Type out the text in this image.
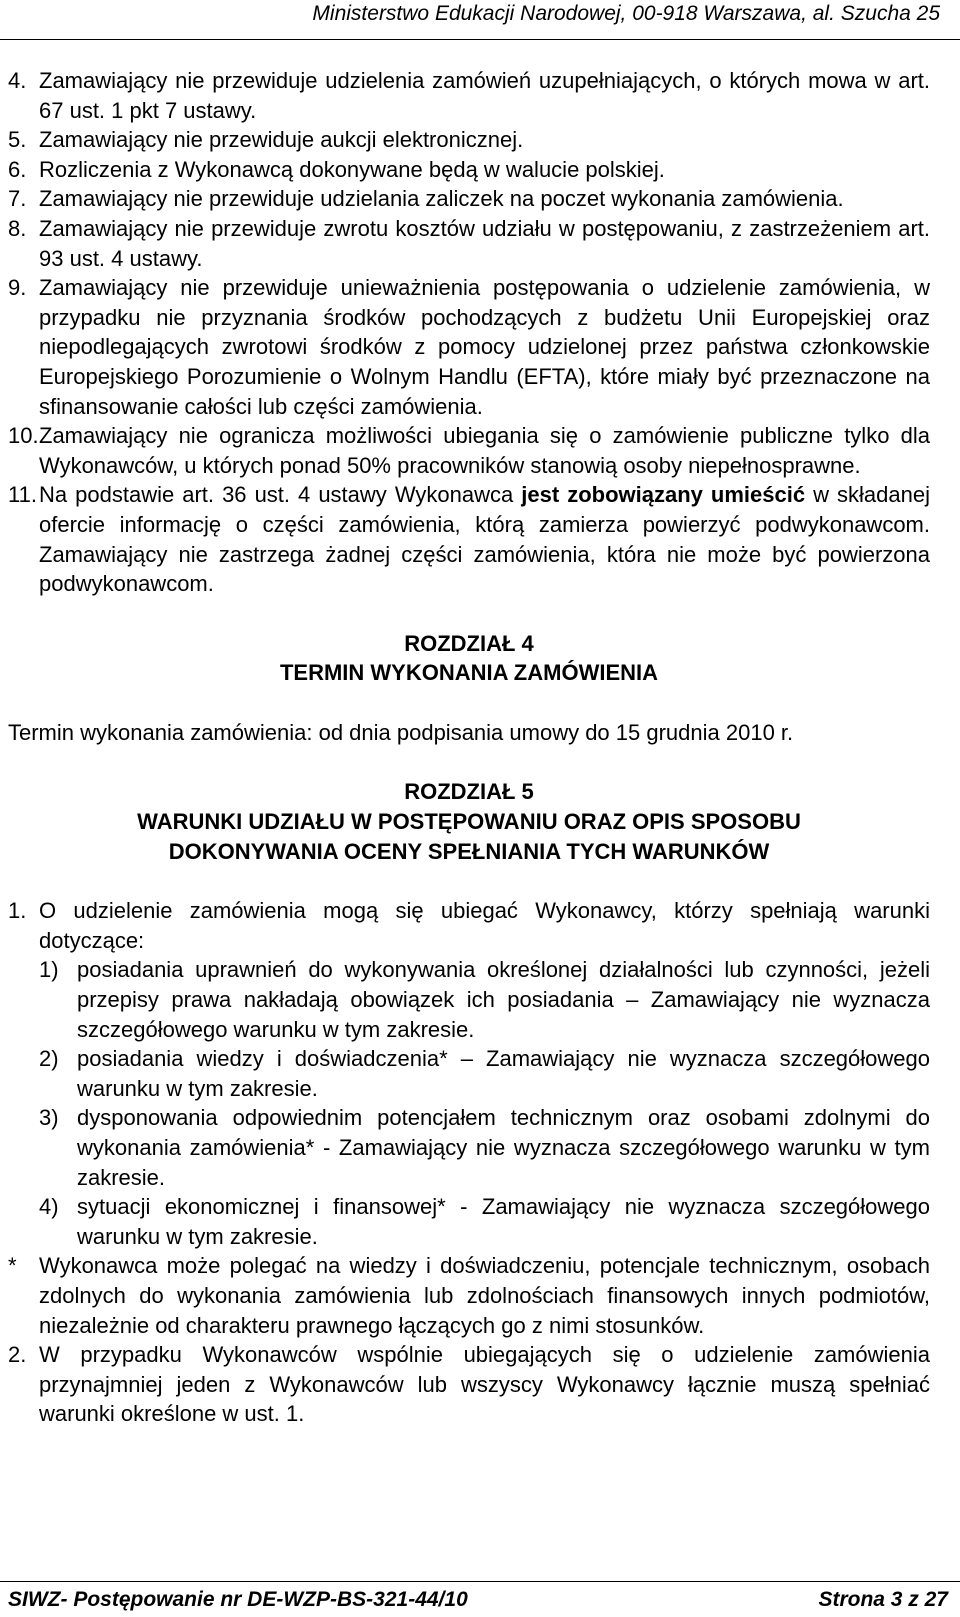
Ministerstwo Edukacji Narodowej, 00-918 Warszawa, al. Szucha 25
4. Zamawiający nie przewiduje udzielenia zamówień uzupełniających, o których mowa w art. 67 ust. 1 pkt 7 ustawy.
5. Zamawiający nie przewiduje aukcji elektronicznej.
6. Rozliczenia z Wykonawcą dokonywane będą w walucie polskiej.
7. Zamawiający nie przewiduje udzielania zaliczek na poczet wykonania zamówienia.
8. Zamawiający nie przewiduje zwrotu kosztów udziału w postępowaniu, z zastrzeżeniem art. 93 ust. 4 ustawy.
9. Zamawiający nie przewiduje unieważnienia postępowania o udzielenie zamówienia, w przypadku nie przyznania środków pochodzących z budżetu Unii Europejskiej oraz niepodlegających zwrotowi środków z pomocy udzielonej przez państwa członkowskie Europejskiego Porozumienie o Wolnym Handlu (EFTA), które miały być przeznaczone na sfinansowanie całości lub części zamówienia.
10. Zamawiający nie ogranicza możliwości ubiegania się o zamówienie publiczne tylko dla Wykonawców, u których ponad 50% pracowników stanowią osoby niepełnosprawne.
11. Na podstawie art. 36 ust. 4 ustawy Wykonawca jest zobowiązany umieścić w składanej ofercie informację o części zamówienia, którą zamierza powierzyć podwykonawcom. Zamawiający nie zastrzega żadnej części zamówienia, która nie może być powierzona podwykonawcom.
ROZDZIAŁ 4
TERMIN WYKONANIA ZAMÓWIENIA
Termin wykonania zamówienia: od dnia podpisania umowy do 15 grudnia 2010 r.
ROZDZIAŁ 5
WARUNKI UDZIAŁU W POSTĘPOWANIU ORAZ OPIS SPOSOBU
DOKONYWANIA OCENY SPEŁNIANIA TYCH WARUNKÓW
1. O udzielenie zamówienia mogą się ubiegać Wykonawcy, którzy spełniają warunki dotyczące:
1) posiadania uprawnień do wykonywania określonej działalności lub czynności, jeżeli przepisy prawa nakładają obowiązek ich posiadania – Zamawiający nie wyznacza szczegółowego warunku w tym zakresie.
2) posiadania wiedzy i doświadczenia* – Zamawiający nie wyznacza szczegółowego warunku w tym zakresie.
3) dysponowania odpowiednim potencjałem technicznym oraz osobami zdolnymi do wykonania zamówienia* - Zamawiający nie wyznacza szczegółowego warunku w tym zakresie.
4) sytuacji ekonomicznej i finansowej* - Zamawiający nie wyznacza szczegółowego warunku w tym zakresie.
*	Wykonawca może polegać na wiedzy i doświadczeniu, potencjale technicznym, osobach zdolnych do wykonania zamówienia lub zdolnościach finansowych innych podmiotów, niezależnie od charakteru prawnego łączących go z nimi stosunków.
2. W przypadku Wykonawców wspólnie ubiegających się o udzielenie zamówienia przynajmniej jeden z Wykonawców lub wszyscy Wykonawcy łącznie muszą spełniać warunki określone w ust. 1.
SIWZ- Postępowanie nr DE-WZP-BS-321-44/10	Strona 3 z 27
